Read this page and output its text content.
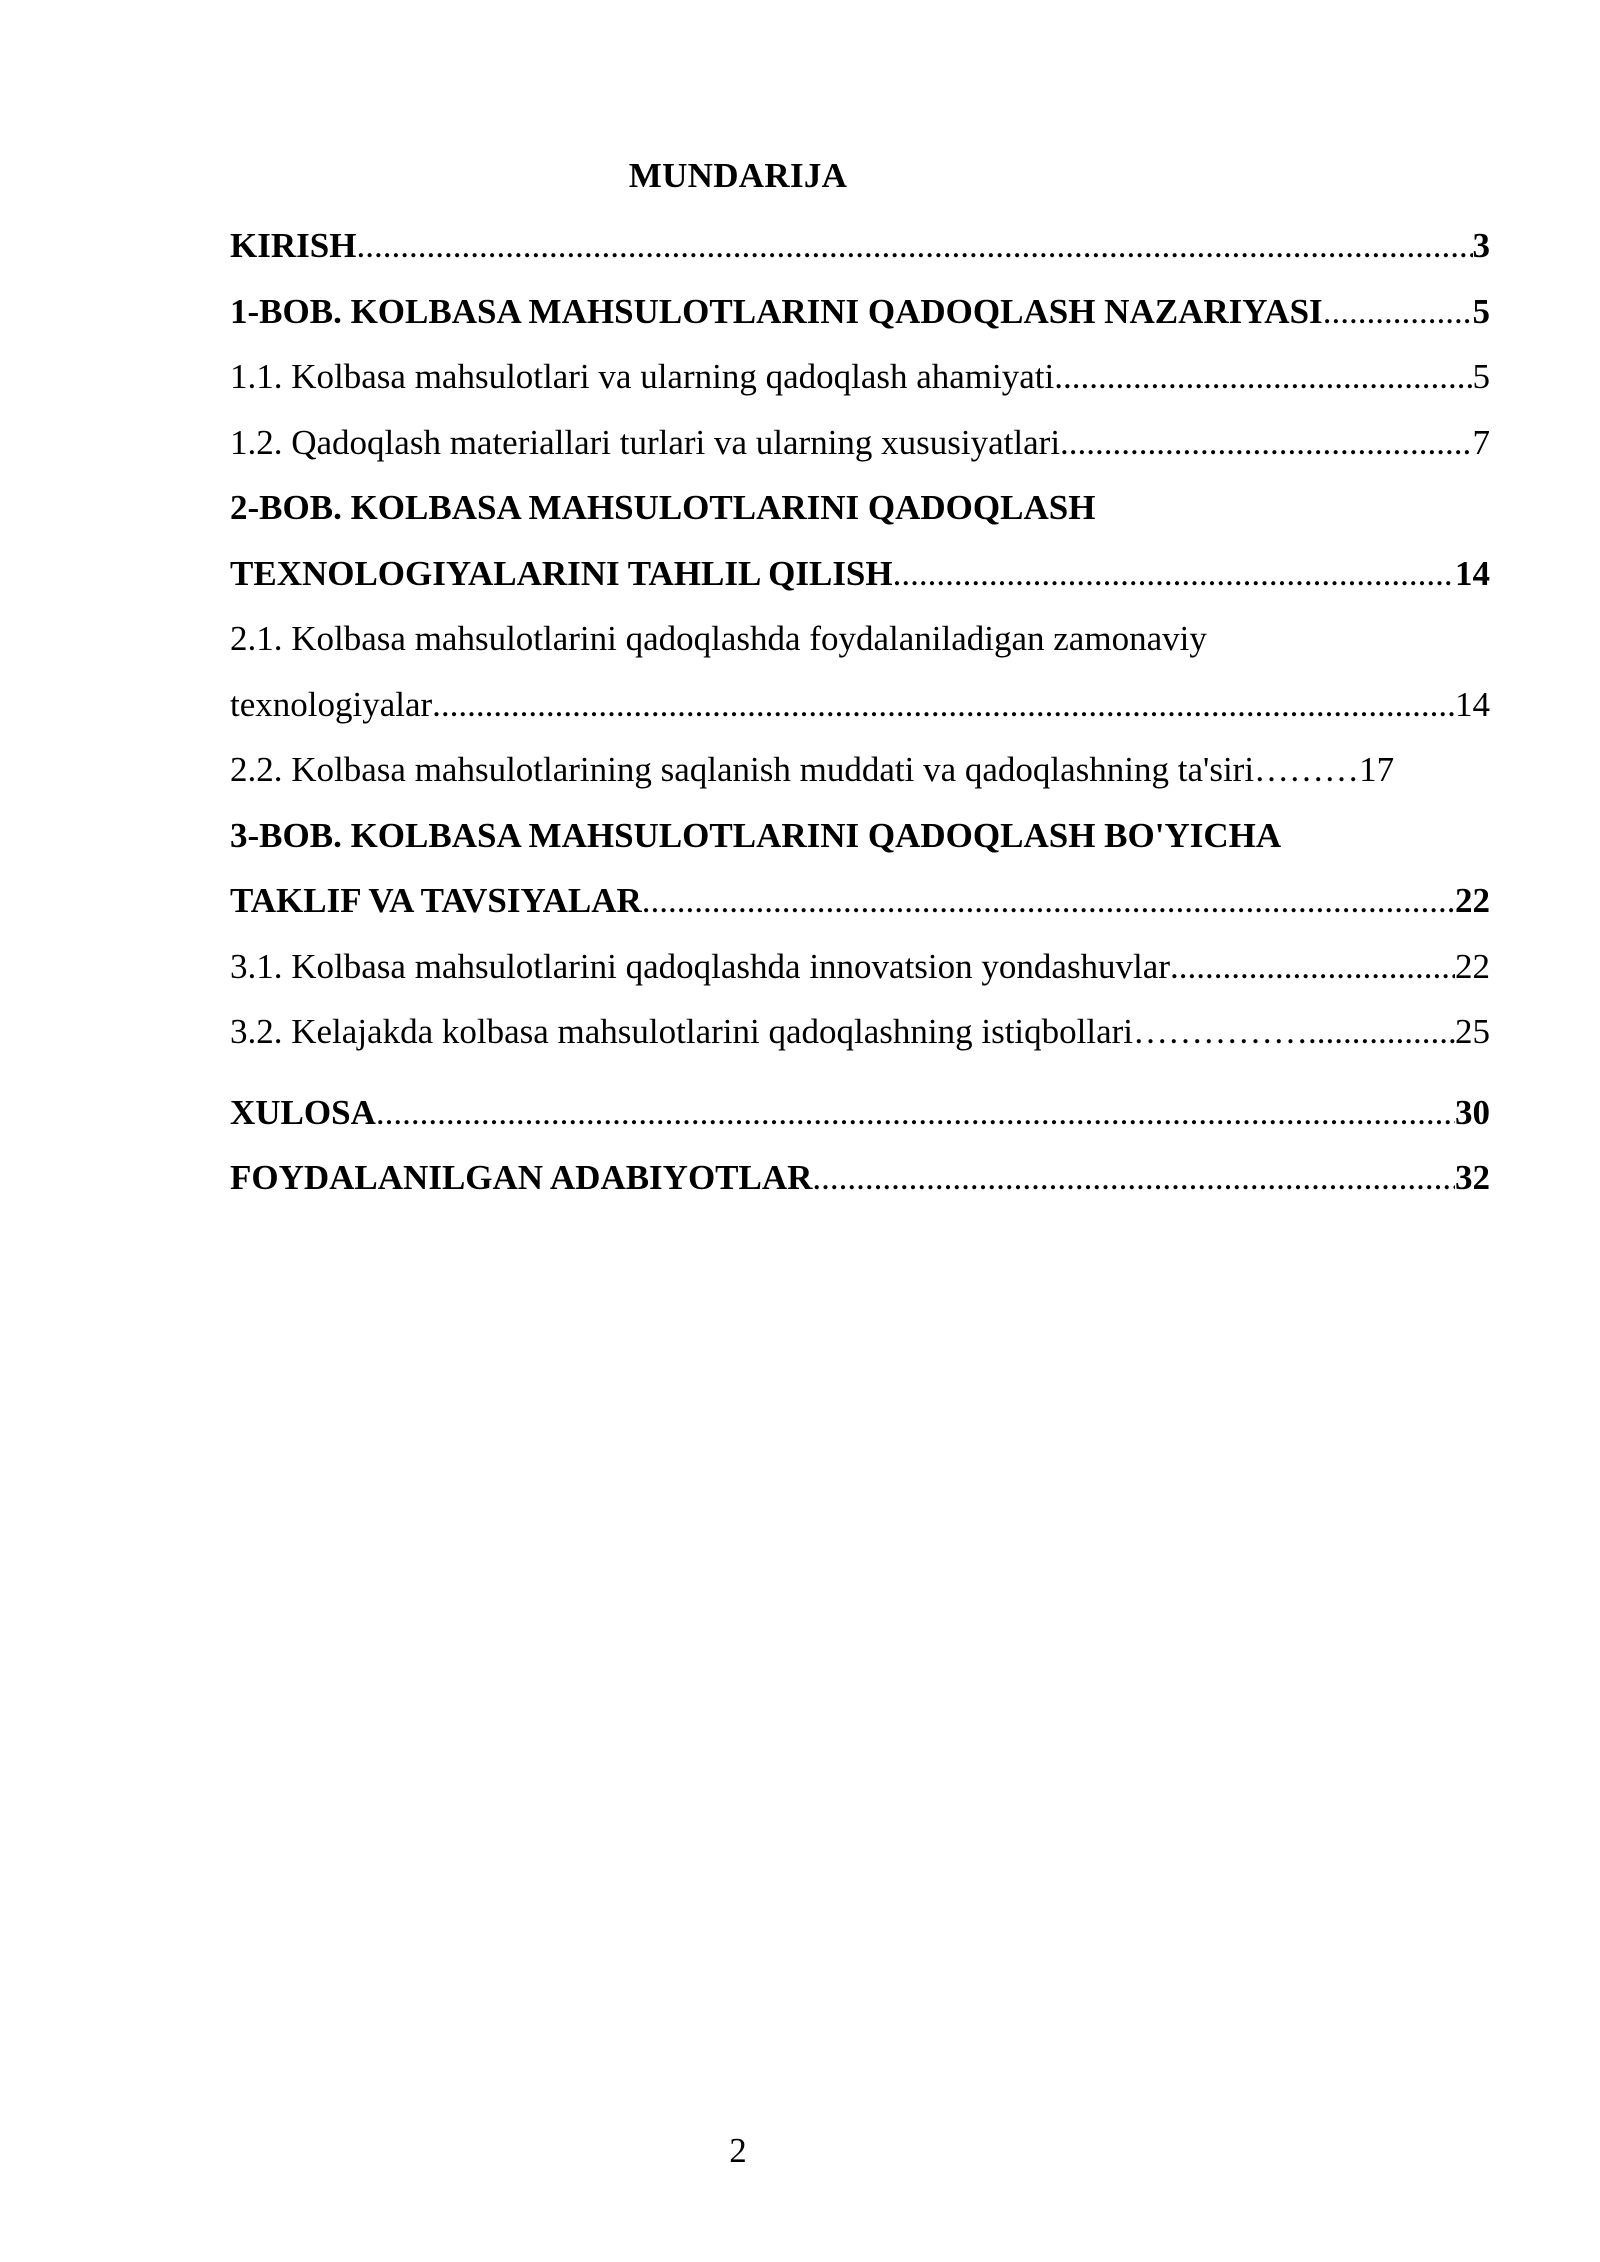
MUNDARIJA
KIRISH .....	3
1-BOB. KOLBASA MAHSULOTLARINI QADOQLASH NAZARIYASI .....	5
1.1. Kolbasa mahsulotlari va ularning qadoqlash ahamiyati .....	5
1.2. Qadoqlash materiallari turlari va ularning xususiyatlari .....	7
2-BOB. KOLBASA MAHSULOTLARINI QADOQLASH
TEXNOLOGIYALARINI TAHLIL QILISH .....	14
2.1. Kolbasa mahsulotlarini qadoqlashda foydalaniladigan zamonaviy
texnologiyalar .....	14
2.2. Kolbasa mahsulotlarining saqlanish muddati va qadoqlashning ta'siri……… 17
3-BOB. KOLBASA MAHSULOTLARINI QADOQLASH BO'YICHA
TAKLIF VA TAVSIYALAR .....	22
3.1. Kolbasa mahsulotlarini qadoqlashda innovatsion yondashuvlar .....	22
3.2. Kelajakda kolbasa mahsulotlarini qadoqlashning istiqbollari…………… .....	25
XULOSA .....	30
FOYDALANILGAN ADABIYOTLAR .....	32
2
